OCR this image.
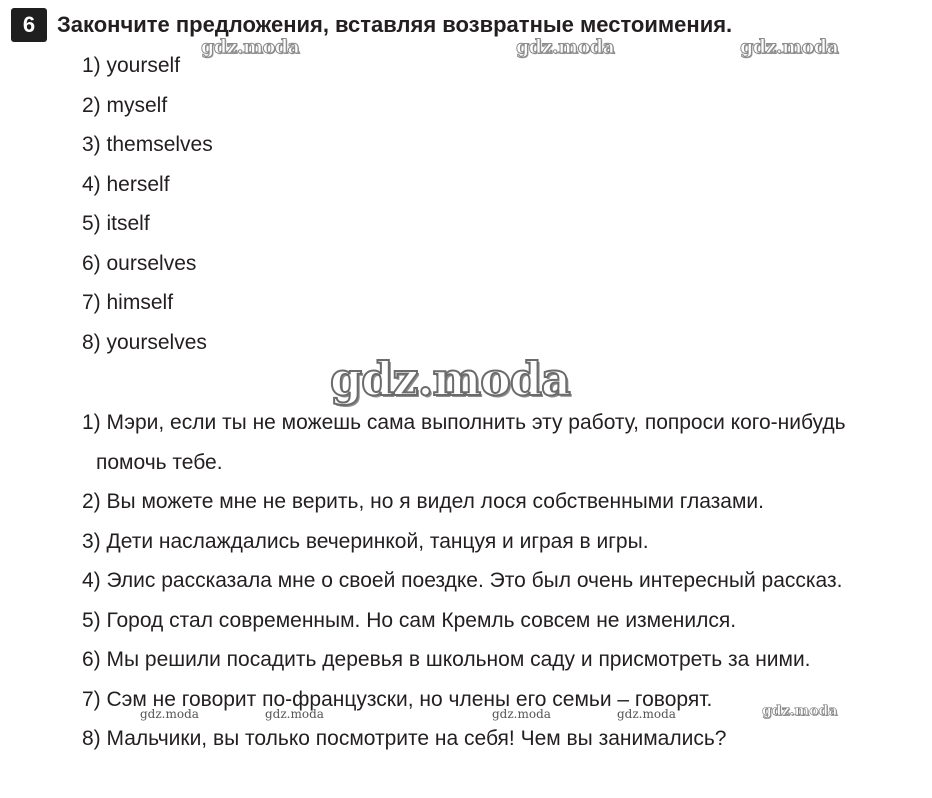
6 Закончите предложения, вставляя возвратные местоимения.
1) yourself
2) myself
3) themselves
4) herself
5) itself
6) ourselves
7) himself
8) yourselves
1) Мэри, если ты не можешь сама выполнить эту работу, попроси кого-нибудь
помочь тебе.
2) Вы можете мне не верить, но я видел лося собственными глазами.
3) Дети наслаждались вечеринкой, танцуя и играя в игры.
4) Элис рассказала мне о своей поездке. Это был очень интересный рассказ.
5) Город стал современным. Но сам Кремль совсем не изменился.
6) Мы решили посадить деревья в школьном саду и присмотреть за ними.
7) Сэм не говорит по-французски, но члены его семьи – говорят.
8) Мальчики, вы только посмотрите на себя! Чем вы занимались?
gdz.moda	gdz.moda	gdz.moda
gdz.moda
gdz.moda	gdz.moda	gdz.moda	gdz.moda	gdz.moda
